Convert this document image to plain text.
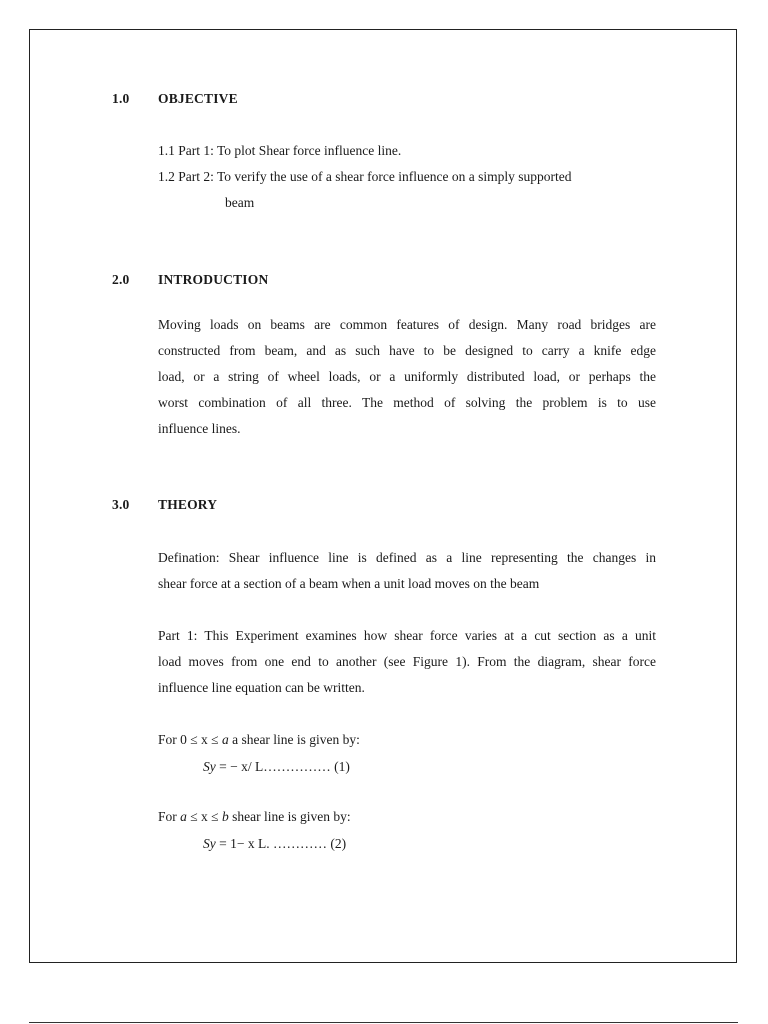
1.0 OBJECTIVE
1.1 Part 1: To plot Shear force influence line.
1.2 Part 2: To verify the use of a shear force influence on a simply supported
beam
2.0 INTRODUCTION
Moving loads on beams are common features of design. Many road bridges are
constructed from beam, and as such have to be designed to carry a knife edge
load, or a string of wheel loads, or a uniformly distributed load, or perhaps the
worst combination of all three. The method of solving the problem is to use
influence lines.
3.0 THEORY
Defination: Shear influence line is defined as a line representing the changes in
shear force at a section of a beam when a unit load moves on the beam
Part 1: This Experiment examines how shear force varies at a cut section as a unit
load moves from one end to another (see Figure 1). From the diagram, shear force
influence line equation can be written.
For 0 ≤ x ≤ a a shear line is given by:
Sy = − x/ L…………… (1)
For a ≤ x ≤ b shear line is given by:
Sy = 1− x L. ………… (2)
